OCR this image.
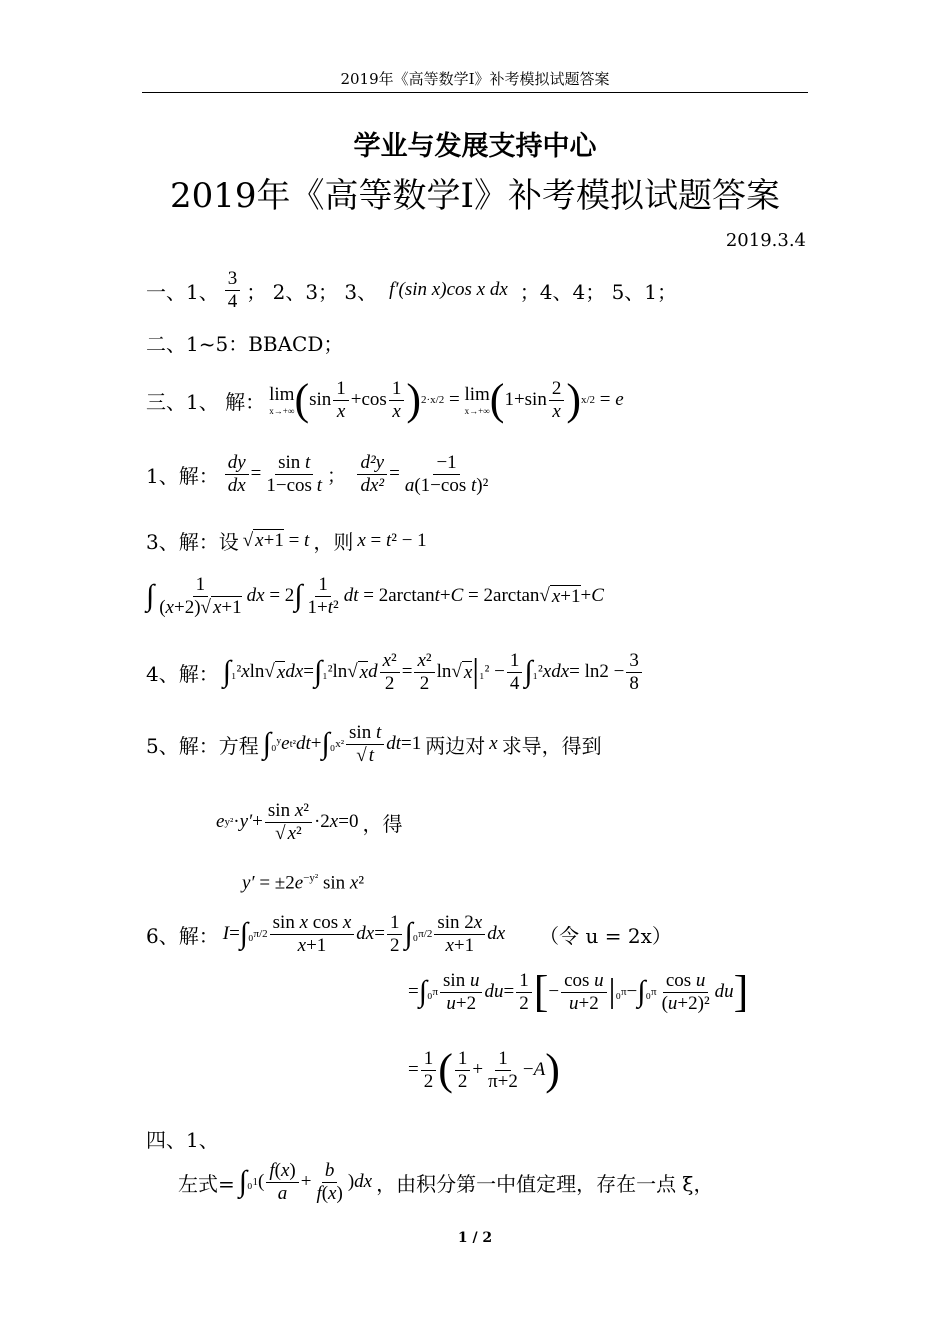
2019年《高等数学I》补考模拟试题答案
学业与发展支持中心
2019年《高等数学I》补考模拟试题答案
2019.3.4
一、1、 $\frac{3}{4}$ ； 2、3； 3、 f′(sin x)cos x dx ；4、4； 5、1；
二、1~5：BBACD；
三、1、 解： lim
x→+∞ ( $\sin \frac{1}{x} +\cos \frac{1}{x}$ ) 2·x/2 = lim
x→+∞ ( $1+\sin \frac{2}{x}$ ) x/2 = e
1、解： $\frac{dy}{dx} = \frac{\text{sin t}}{\text{1−cos t}}$ ； $\frac{\text{d²y}}{\text{dx²}} = \frac{-1}{\text{a(1−cos t)²}}$
3、解：设 √ x+1 = t ，则 x = t² − 1
∫ $\frac{1}{(x+2)√ x+1}$ dx = 2 ∫ $\frac{1}{\text{1+t²}}$ dt = 2arctan t + C = 2arctan√ x+1 + C
4、解： ∫ ₁² x ln√ x dx = ∫ ₁² ln√ x d $\frac{\text{x²}}{2} = \frac{\text{x²}}{2} \ln√$ x | $_1^2 - \frac{1}{4}$ ∫ ₁² xdx = $\ln 2 - \frac{3}{8}$
5、解：方程 ∫ ₀ʸ e t² dt + ∫ ₀ $x^2 \frac{\text{sin t}}{√ t}$ dt =1 两边对 x 求导，得到
e $y^2 \cdot y' + \frac{\text{sin x²}}{\text{√ x²}} \cdot 2$ x =0 ，得
$y' = \pm 2e^{-y^2}$ sin x²
6、解： I = ∫ ₀ $\pi/2 \frac{\text{sin x cos x}}{x+1}$ dx = $\frac{1}{2}$ ∫ ₀ $\pi/2 \frac{\sin 2x}{x+1}$ dx （令 u = 2x）
= ∫ ₀ π $\frac{\text{sin u}}{u+2}$ du = $\frac{1}{2}$ [ − $\frac{\text{cos u}}{u+2}$ | ₀ π − ∫ ₀ π $\frac{\text{cos u}}{\text{(u+2)²}}$ du ]
= $\frac{1}{2}$ ( $\frac{1}{2} + \frac{1}{\pi+2} - A$ )
四、1、
左式= ∫ ₀ 1 ( $\frac{f(x)}{a} + \frac{b}{f(x)}$ ) dx ，由积分第一中值定理，存在一点 ξ，
1 / 2
